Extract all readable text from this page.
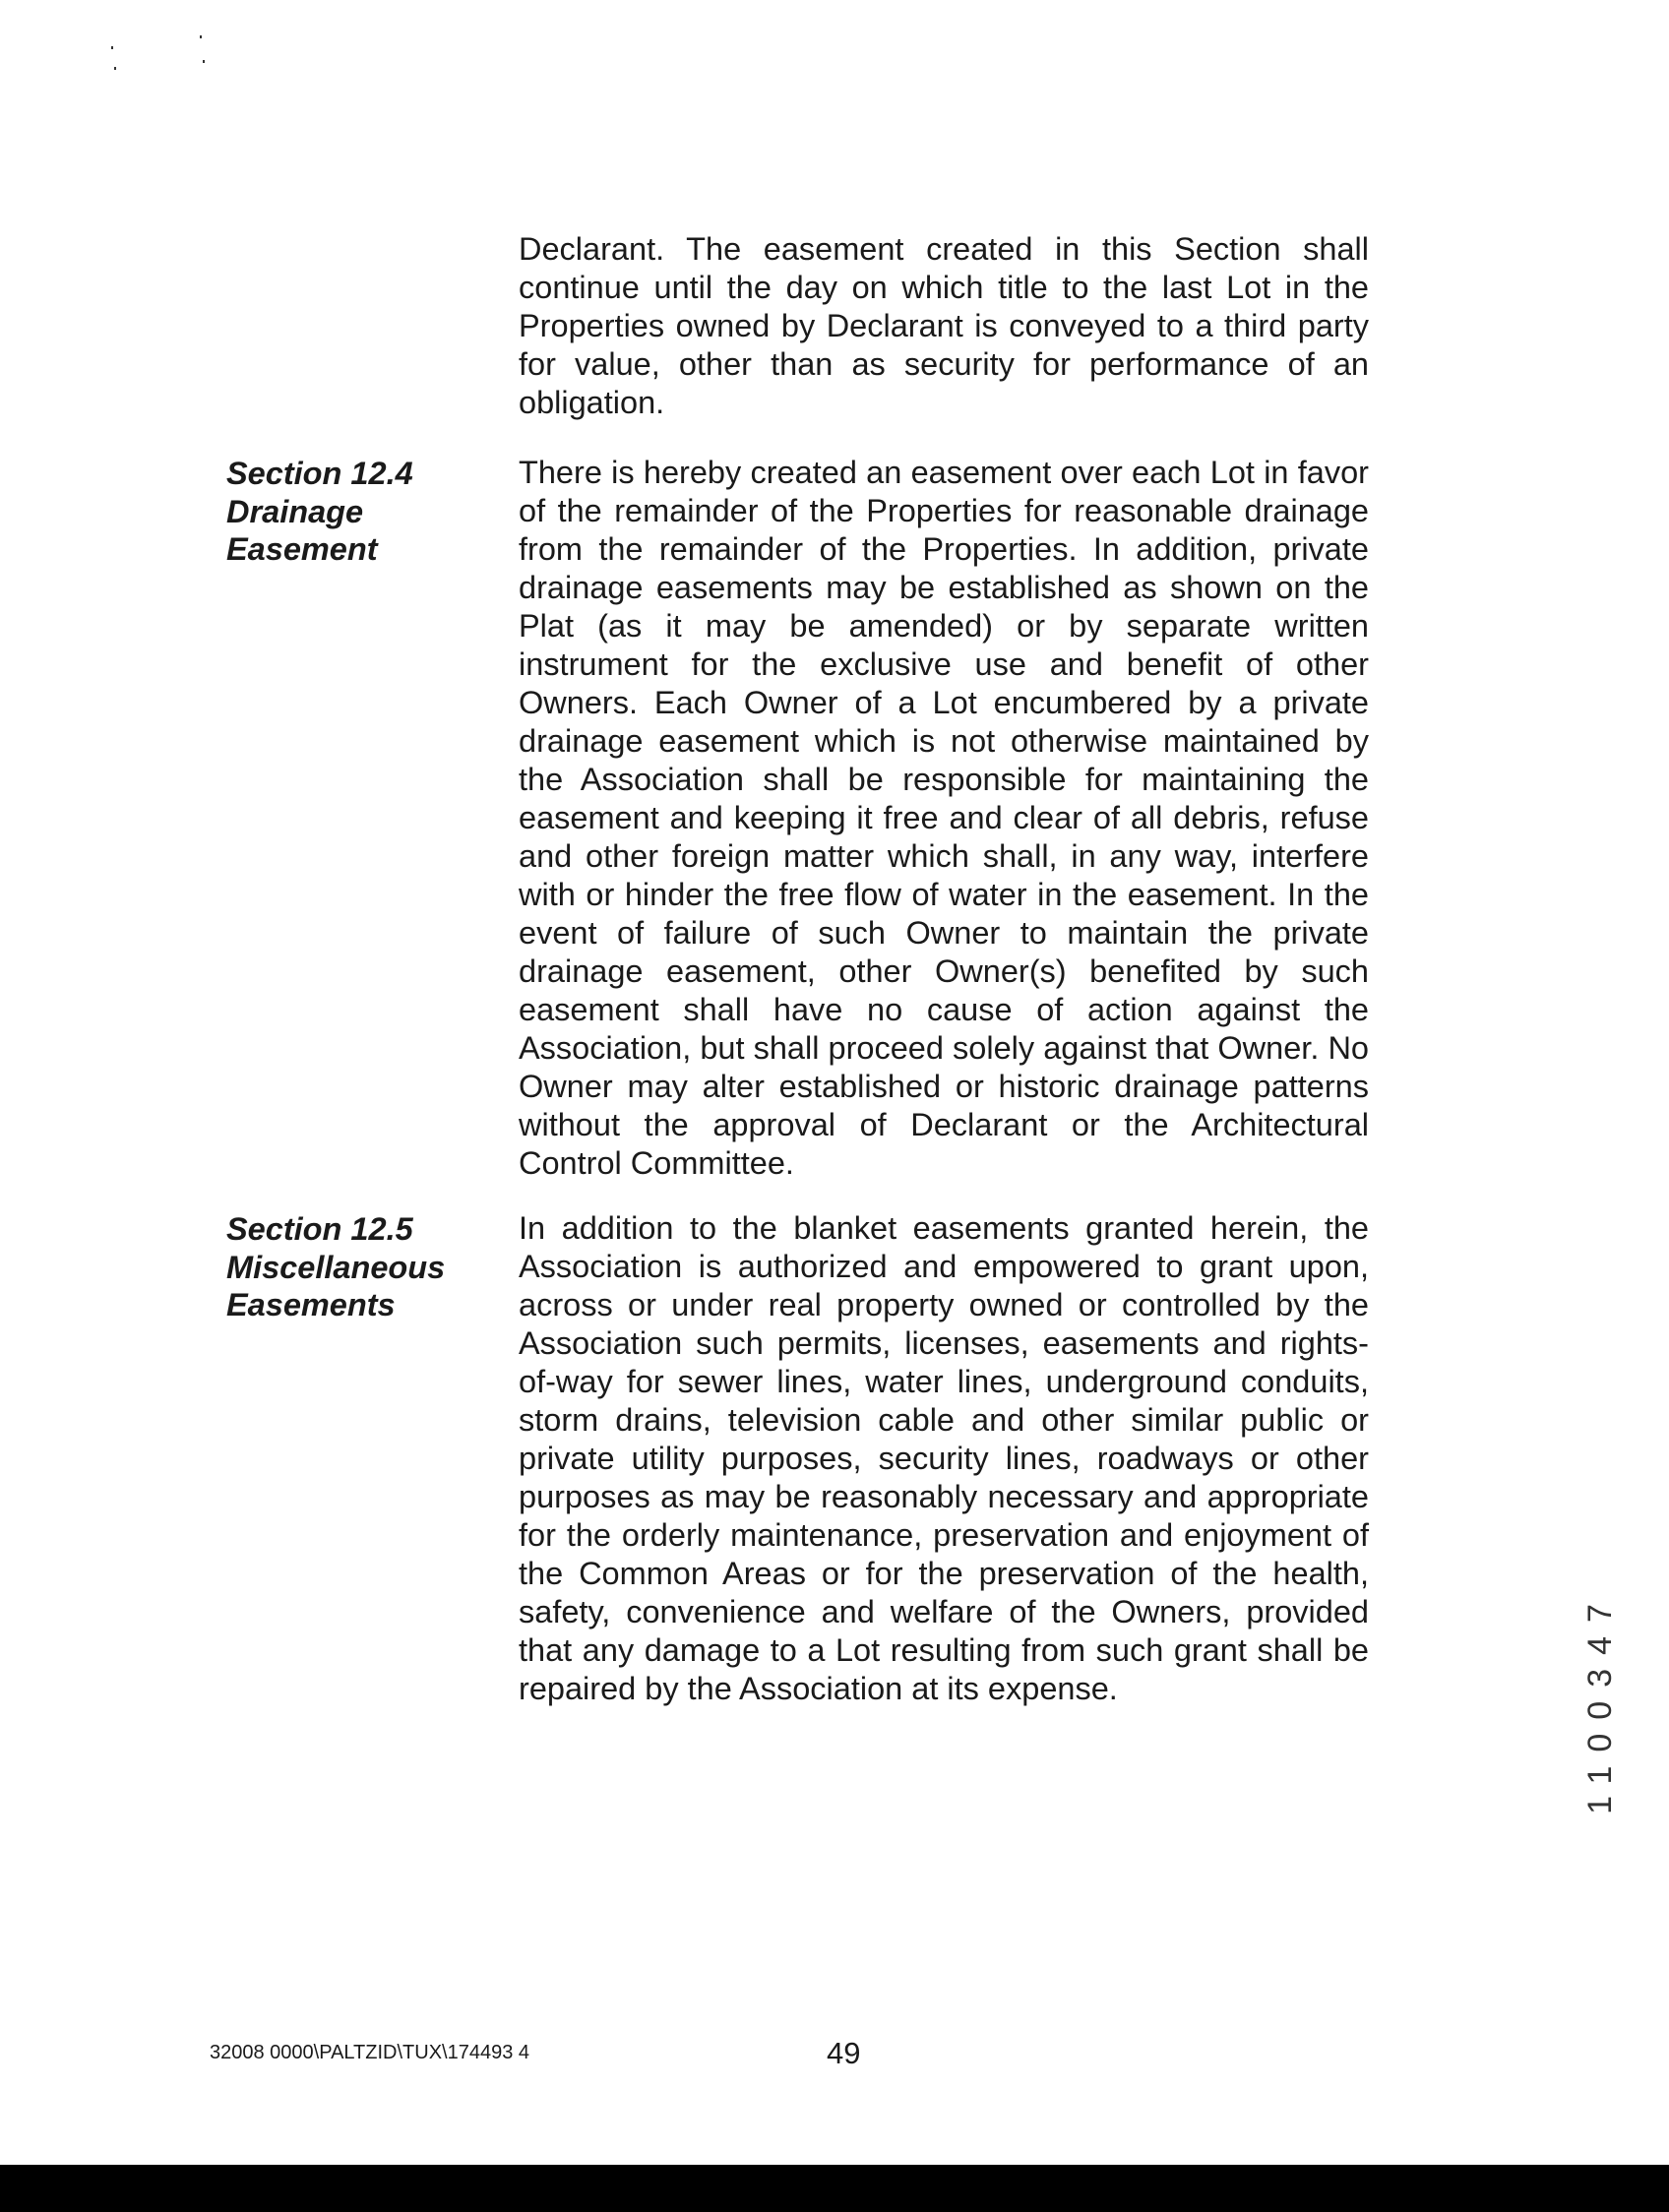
Declarant. The easement created in this Section shall continue until the day on which title to the last Lot in the Properties owned by Declarant is conveyed to a third party for value, other than as security for performance of an obligation.

Section 12.4
Drainage
Easement

There is hereby created an easement over each Lot in favor of the remainder of the Properties for reasonable drainage from the remainder of the Properties. In addition, private drainage easements may be established as shown on the Plat (as it may be amended) or by separate written instrument for the exclusive use and benefit of other Owners. Each Owner of a Lot encumbered by a private drainage easement which is not otherwise maintained by the Association shall be responsible for maintaining the easement and keeping it free and clear of all debris, refuse and other foreign matter which shall, in any way, interfere with or hinder the free flow of water in the easement. In the event of failure of such Owner to maintain the private drainage easement, other Owner(s) benefited by such easement shall have no cause of action against the Association, but shall proceed solely against that Owner. No Owner may alter established or historic drainage patterns without the approval of Declarant or the Architectural Control Committee.

Section 12.5
Miscellaneous
Easements

In addition to the blanket easements granted herein, the Association is authorized and empowered to grant upon, across or under real property owned or controlled by the Association such permits, licenses, easements and rights-of-way for sewer lines, water lines, underground conduits, storm drains, television cable and other similar public or private utility purposes, security lines, roadways or other purposes as may be reasonably necessary and appropriate for the orderly maintenance, preservation and enjoyment of the Common Areas or for the preservation of the health, safety, convenience and welfare of the Owners, provided that any damage to a Lot resulting from such grant shall be repaired by the Association at its expense.

32008 0000\PALTZID\TUX\174493 4	49
1100347
